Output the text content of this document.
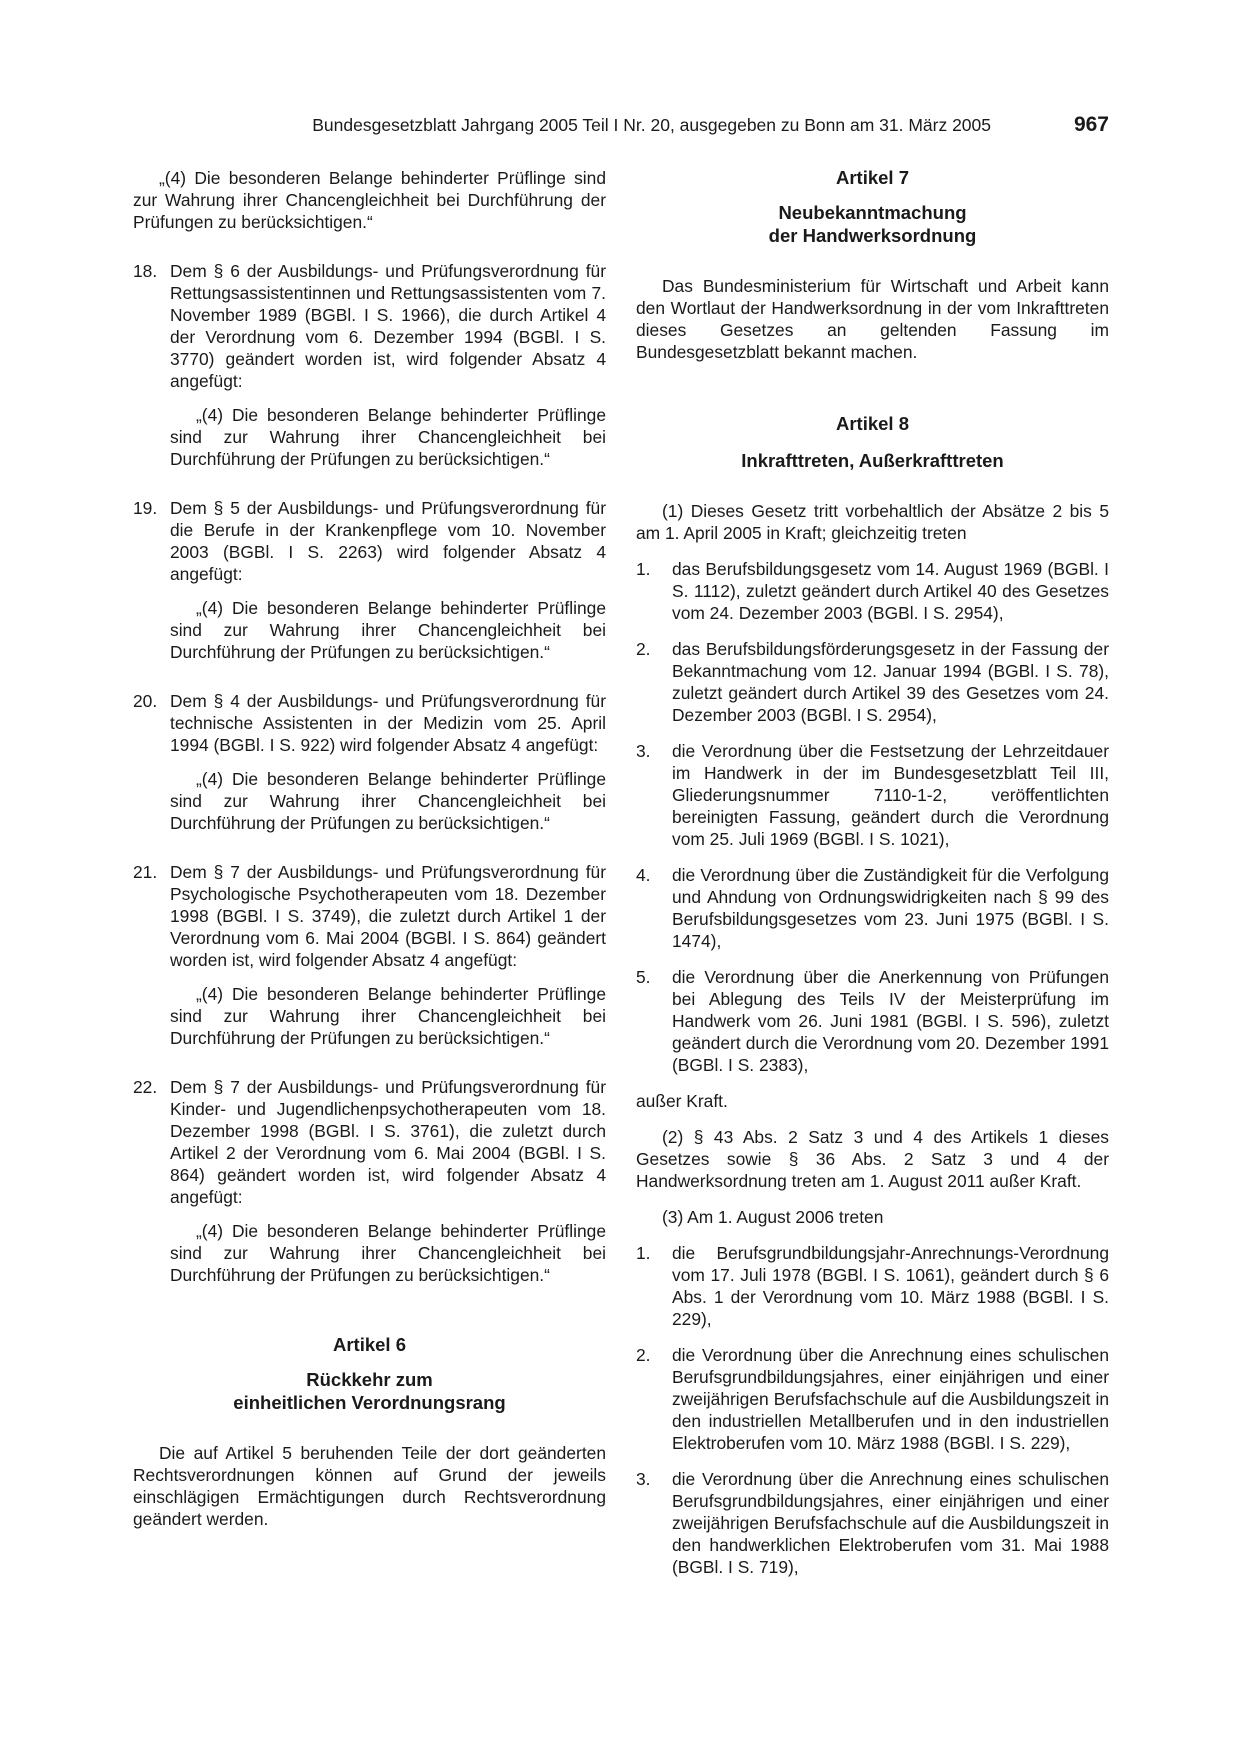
Bundesgesetzblatt Jahrgang 2005 Teil I Nr. 20, ausgegeben zu Bonn am 31. März 2005	967

„(4) Die besonderen Belange behinderter Prüflinge sind zur Wahrung ihrer Chancengleichheit bei Durchführung der Prüfungen zu berücksichtigen.“

18. Dem § 6 der Ausbildungs- und Prüfungsverordnung für Rettungsassistentinnen und Rettungsassistenten vom 7. November 1989 (BGBl. I S. 1966), die durch Artikel 4 der Verordnung vom 6. Dezember 1994 (BGBl. I S. 3770) geändert worden ist, wird folgender Absatz 4 angefügt:

„(4) Die besonderen Belange behinderter Prüflinge sind zur Wahrung ihrer Chancengleichheit bei Durchführung der Prüfungen zu berücksichtigen.“

19. Dem § 5 der Ausbildungs- und Prüfungsverordnung für die Berufe in der Krankenpflege vom 10. November 2003 (BGBl. I S. 2263) wird folgender Absatz 4 angefügt:

„(4) Die besonderen Belange behinderter Prüflinge sind zur Wahrung ihrer Chancengleichheit bei Durchführung der Prüfungen zu berücksichtigen.“

20. Dem § 4 der Ausbildungs- und Prüfungsverordnung für technische Assistenten in der Medizin vom 25. April 1994 (BGBl. I S. 922) wird folgender Absatz 4 angefügt:

„(4) Die besonderen Belange behinderter Prüflinge sind zur Wahrung ihrer Chancengleichheit bei Durchführung der Prüfungen zu berücksichtigen.“

21. Dem § 7 der Ausbildungs- und Prüfungsverordnung für Psychologische Psychotherapeuten vom 18. Dezember 1998 (BGBl. I S. 3749), die zuletzt durch Artikel 1 der Verordnung vom 6. Mai 2004 (BGBl. I S. 864) geändert worden ist, wird folgender Absatz 4 angefügt:

„(4) Die besonderen Belange behinderter Prüflinge sind zur Wahrung ihrer Chancengleichheit bei Durchführung der Prüfungen zu berücksichtigen.“

22. Dem § 7 der Ausbildungs- und Prüfungsverordnung für Kinder- und Jugendlichenpsychotherapeuten vom 18. Dezember 1998 (BGBl. I S. 3761), die zuletzt durch Artikel 2 der Verordnung vom 6. Mai 2004 (BGBl. I S. 864) geändert worden ist, wird folgender Absatz 4 angefügt:

„(4) Die besonderen Belange behinderter Prüflinge sind zur Wahrung ihrer Chancengleichheit bei Durchführung der Prüfungen zu berücksichtigen.“

Artikel 6

Rückkehr zum

einheitlichen Verordnungsrang

Die auf Artikel 5 beruhenden Teile der dort geänderten Rechtsverordnungen können auf Grund der jeweils einschlägigen Ermächtigungen durch Rechtsverordnung geändert werden.

Artikel 7

Neubekanntmachung

der Handwerksordnung

Das Bundesministerium für Wirtschaft und Arbeit kann den Wortlaut der Handwerksordnung in der vom Inkrafttreten dieses Gesetzes an geltenden Fassung im Bundesgesetzblatt bekannt machen.

Artikel 8

Inkrafttreten, Außerkrafttreten

(1) Dieses Gesetz tritt vorbehaltlich der Absätze 2 bis 5 am 1. April 2005 in Kraft; gleichzeitig treten

1. das Berufsbildungsgesetz vom 14. August 1969 (BGBl. I S. 1112), zuletzt geändert durch Artikel 40 des Gesetzes vom 24. Dezember 2003 (BGBl. I S. 2954),

2. das Berufsbildungsförderungsgesetz in der Fassung der Bekanntmachung vom 12. Januar 1994 (BGBl. I S. 78), zuletzt geändert durch Artikel 39 des Gesetzes vom 24. Dezember 2003 (BGBl. I S. 2954),

3. die Verordnung über die Festsetzung der Lehrzeitdauer im Handwerk in der im Bundesgesetzblatt Teil III, Gliederungsnummer 7110-1-2, veröffentlichten bereinigten Fassung, geändert durch die Verordnung vom 25. Juli 1969 (BGBl. I S. 1021),

4. die Verordnung über die Zuständigkeit für die Verfolgung und Ahndung von Ordnungswidrigkeiten nach § 99 des Berufsbildungsgesetzes vom 23. Juni 1975 (BGBl. I S. 1474),

5. die Verordnung über die Anerkennung von Prüfungen bei Ablegung des Teils IV der Meisterprüfung im Handwerk vom 26. Juni 1981 (BGBl. I S. 596), zuletzt geändert durch die Verordnung vom 20. Dezember 1991 (BGBl. I S. 2383),

außer Kraft.

(2) § 43 Abs. 2 Satz 3 und 4 des Artikels 1 dieses Gesetzes sowie § 36 Abs. 2 Satz 3 und 4 der Handwerksordnung treten am 1. August 2011 außer Kraft.

(3) Am 1. August 2006 treten

1. die Berufsgrundbildungsjahr-Anrechnungs-Verordnung vom 17. Juli 1978 (BGBl. I S. 1061), geändert durch § 6 Abs. 1 der Verordnung vom 10. März 1988 (BGBl. I S. 229),

2. die Verordnung über die Anrechnung eines schulischen Berufsgrundbildungsjahres, einer einjährigen und einer zweijährigen Berufsfachschule auf die Ausbildungszeit in den industriellen Metallberufen und in den industriellen Elektroberufen vom 10. März 1988 (BGBl. I S. 229),

3. die Verordnung über die Anrechnung eines schulischen Berufsgrundbildungsjahres, einer einjährigen und einer zweijährigen Berufsfachschule auf die Ausbildungszeit in den handwerklichen Elektroberufen vom 31. Mai 1988 (BGBl. I S. 719),
